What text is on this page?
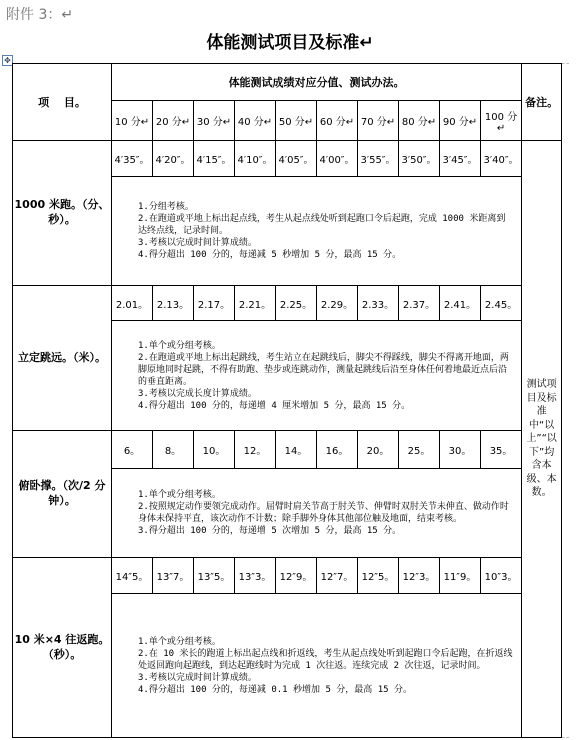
附件 3：↵
体能测试项目及标准↵
✥
项　 目。	体能测试成绩对应分值、测试办法。										备注。	
	10 分↵	20 分↵	30 分↵	40 分↵	50 分↵	60 分↵	70 分↵	80 分↵	90 分↵	100 分↵		
1000 米跑。（分、秒）。	4′35″。	4′20″。	4′15″。	4′10″。	4′05″。	4′00″。	3′55″。	3′50″。	3′45″。	3′40″。	测试项目及标准中“以上”“以下”均含本级、本数。	

	1.分组考核。
2.在跑道或平地上标出起点线，考生从起点线处听到起跑口令后起跑，完成 1000 米距离到达终点线，记录时间。
3.考核以完成时间计算成绩。
4.得分超出 100 分的，每递减 5 秒增加 5 分，最高 15 分。											

立定跳远。（米）。	2.01。	2.13。	2.17。	2.21。	2.25。	2.29。	2.33。	2.37。	2.41。	2.45。		

	1.单个或分组考核。
2.在跑道或平地上标出起跳线，考生站立在起跳线后，脚尖不得踩线，脚尖不得离开地面，两脚原地同时起跳，不得有助跑、垫步或连跳动作，测量起跳线后沿至身体任何着地最近点后沿的垂直距离。
3.考核以完成长度计算成绩。
4.得分超出 100 分的，每递增 4 厘米增加 5 分，最高 15 分。											

俯卧撑。（次/2 分钟）。	6。	8。	10。	12。	14。	16。	20。	25。	30。	35。		

	1.单个或分组考核。
2.按照规定动作要领完成动作。屈臂时肩关节高于肘关节、伸臂时双肘关节未伸直、做动作时身体未保持平直，该次动作不计数；除手脚外身体其他部位触及地面，结束考核。
3.得分超出 100 分的，每递增 5 次增加 5 分，最高 15 分。											

10 米×4 往返跑。（秒）。	14″5。	13″7。	13″5。	13″3。	12″9。	12″7。	12″5。	12″3。	11″9。	10″3。		

	1.单个或分组考核。
2.在 10 米长的跑道上标出起点线和折返线，考生从起点线处听到起跑口令后起跑，在折返线处返回跑向起跑线，到达起跑线时为完成 1 次往返。连续完成 2 次往返，记录时间。
3.考核以完成时间计算成绩。
4.得分超出 100 分的，每递减 0.1 秒增加 5 分，最高 15 分。											
